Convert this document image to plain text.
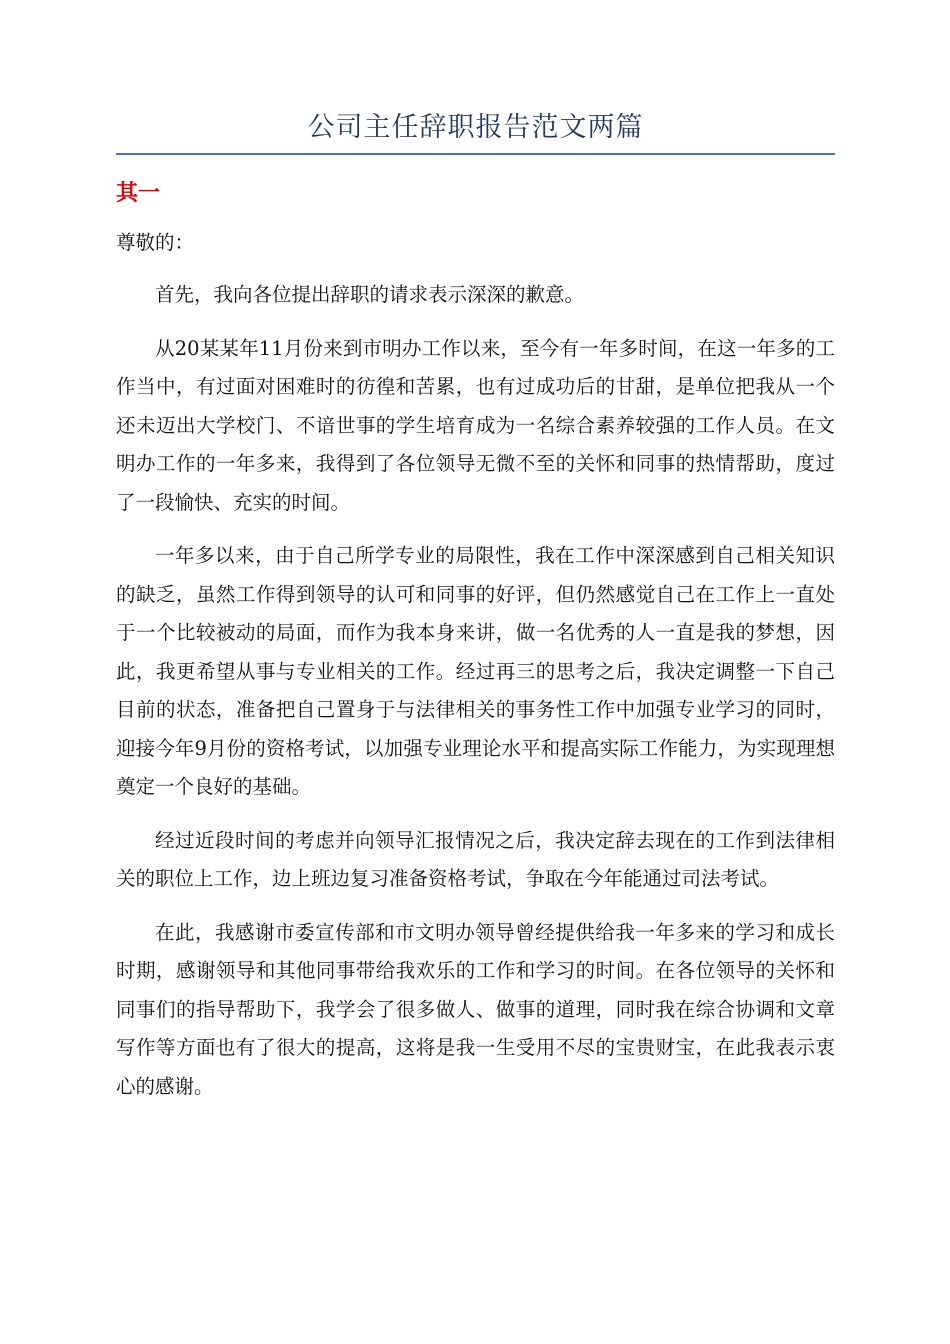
公司主任辞职报告范文两篇
其一
尊敬的：

首先，我向各位提出辞职的请求表示深深的歉意。

从20某某年11月份来到市明办工作以来，至今有一年多时间，在这一年多的工作当中，有过面对困难时的彷徨和苦累，也有过成功后的甘甜，是单位把我从一个还未迈出大学校门、不谙世事的学生培育成为一名综合素养较强的工作人员。在文明办工作的一年多来，我得到了各位领导无微不至的关怀和同事的热情帮助，度过了一段愉快、充实的时间。

一年多以来，由于自己所学专业的局限性，我在工作中深深感到自己相关知识的缺乏，虽然工作得到领导的认可和同事的好评，但仍然感觉自己在工作上一直处于一个比较被动的局面，而作为我本身来讲，做一名优秀的人一直是我的梦想，因此，我更希望从事与专业相关的工作。经过再三的思考之后，我决定调整一下自己目前的状态，准备把自己置身于与法律相关的事务性工作中加强专业学习的同时，迎接今年9月份的资格考试，以加强专业理论水平和提高实际工作能力，为实现理想奠定一个良好的基础。

经过近段时间的考虑并向领导汇报情况之后，我决定辞去现在的工作到法律相关的职位上工作，边上班边复习准备资格考试，争取在今年能通过司法考试。

在此，我感谢市委宣传部和市文明办领导曾经提供给我一年多来的学习和成长时期，感谢领导和其他同事带给我欢乐的工作和学习的时间。在各位领导的关怀和同事们的指导帮助下，我学会了很多做人、做事的道理，同时我在综合协调和文章写作等方面也有了很大的提高，这将是我一生受用不尽的宝贵财宝，在此我表示衷心的感谢。
